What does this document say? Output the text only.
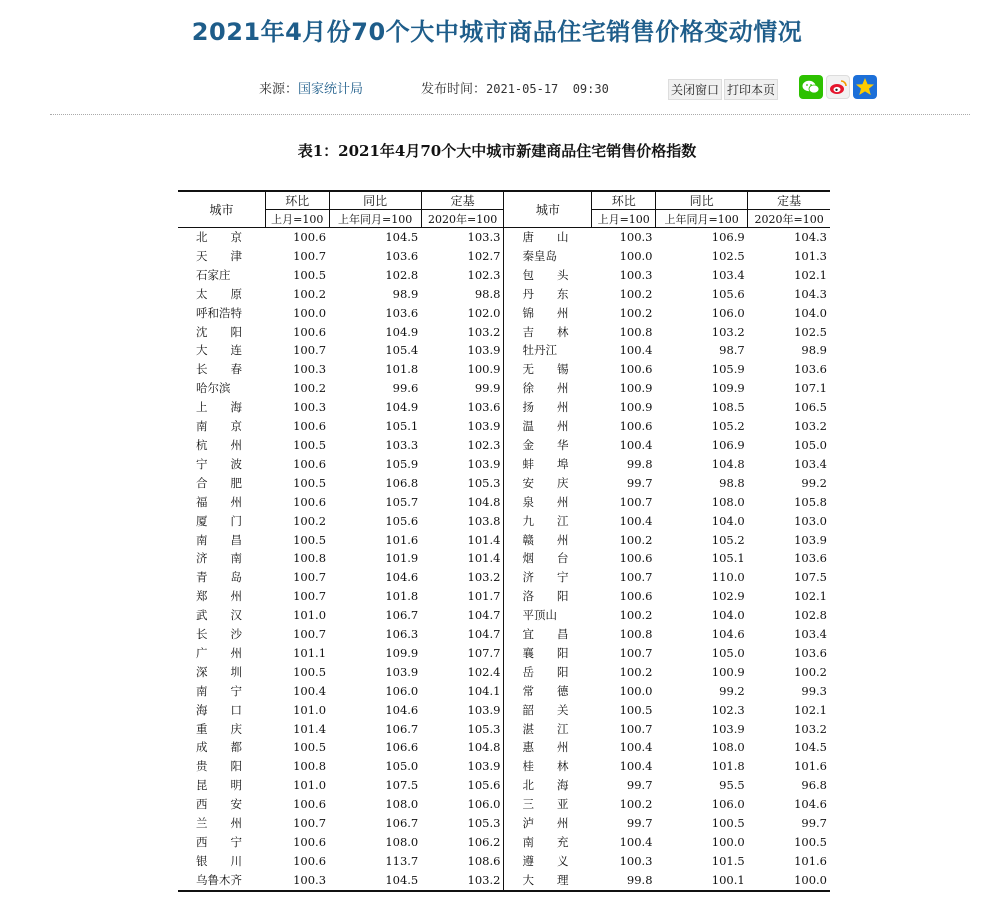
2021年4月份70个大中城市商品住宅销售价格变动情况
来源：国家统计局	发布时间：2021-05-17  09:30	关闭窗口 打印本页
表1：2021年4月70个大中城市新建商品住宅销售价格指数
城市	环比	同比	定基	城市	环比	同比	定基
	上月=100	上年同月=100	2020年=100		上月=100	上年同月=100	2020年=100
北　　京	100.6	104.5	103.3	唐　　山	100.3	106.9	104.3
天　　津	100.7	103.6	102.7	秦皇岛	100.0	102.5	101.3
石家庄	100.5	102.8	102.3	包　　头	100.3	103.4	102.1
太　　原	100.2	98.9	98.8	丹　　东	100.2	105.6	104.3
呼和浩特	100.0	103.6	102.0	锦　　州	100.2	106.0	104.0
沈　　阳	100.6	104.9	103.2	吉　　林	100.8	103.2	102.5
大　　连	100.7	105.4	103.9	牡丹江	100.4	98.7	98.9
长　　春	100.3	101.8	100.9	无　　锡	100.6	105.9	103.6
哈尔滨	100.2	99.6	99.9	徐　　州	100.9	109.9	107.1
上　　海	100.3	104.9	103.6	扬　　州	100.9	108.5	106.5
南　　京	100.6	105.1	103.9	温　　州	100.6	105.2	103.2
杭　　州	100.5	103.3	102.3	金　　华	100.4	106.9	105.0
宁　　波	100.6	105.9	103.9	蚌　　埠	99.8	104.8	103.4
合　　肥	100.5	106.8	105.3	安　　庆	99.7	98.8	99.2
福　　州	100.6	105.7	104.8	泉　　州	100.7	108.0	105.8
厦　　门	100.2	105.6	103.8	九　　江	100.4	104.0	103.0
南　　昌	100.5	101.6	101.4	赣　　州	100.2	105.2	103.9
济　　南	100.8	101.9	101.4	烟　　台	100.6	105.1	103.6
青　　岛	100.7	104.6	103.2	济　　宁	100.7	110.0	107.5
郑　　州	100.7	101.8	101.7	洛　　阳	100.6	102.9	102.1
武　　汉	101.0	106.7	104.7	平顶山	100.2	104.0	102.8
长　　沙	100.7	106.3	104.7	宜　　昌	100.8	104.6	103.4
广　　州	101.1	109.9	107.7	襄　　阳	100.7	105.0	103.6
深　　圳	100.5	103.9	102.4	岳　　阳	100.2	100.9	100.2
南　　宁	100.4	106.0	104.1	常　　德	100.0	99.2	99.3
海　　口	101.0	104.6	103.9	韶　　关	100.5	102.3	102.1
重　　庆	101.4	106.7	105.3	湛　　江	100.7	103.9	103.2
成　　都	100.5	106.6	104.8	惠　　州	100.4	108.0	104.5
贵　　阳	100.8	105.0	103.9	桂　　林	100.4	101.8	101.6
昆　　明	101.0	107.5	105.6	北　　海	99.7	95.5	96.8
西　　安	100.6	108.0	106.0	三　　亚	100.2	106.0	104.6
兰　　州	100.7	106.7	105.3	泸　　州	99.7	100.5	99.7
西　　宁	100.6	108.0	106.2	南　　充	100.4	100.0	100.5
银　　川	100.6	113.7	108.6	遵　　义	100.3	101.5	101.6
乌鲁木齐	100.3	104.5	103.2	大　　理	99.8	100.1	100.0
